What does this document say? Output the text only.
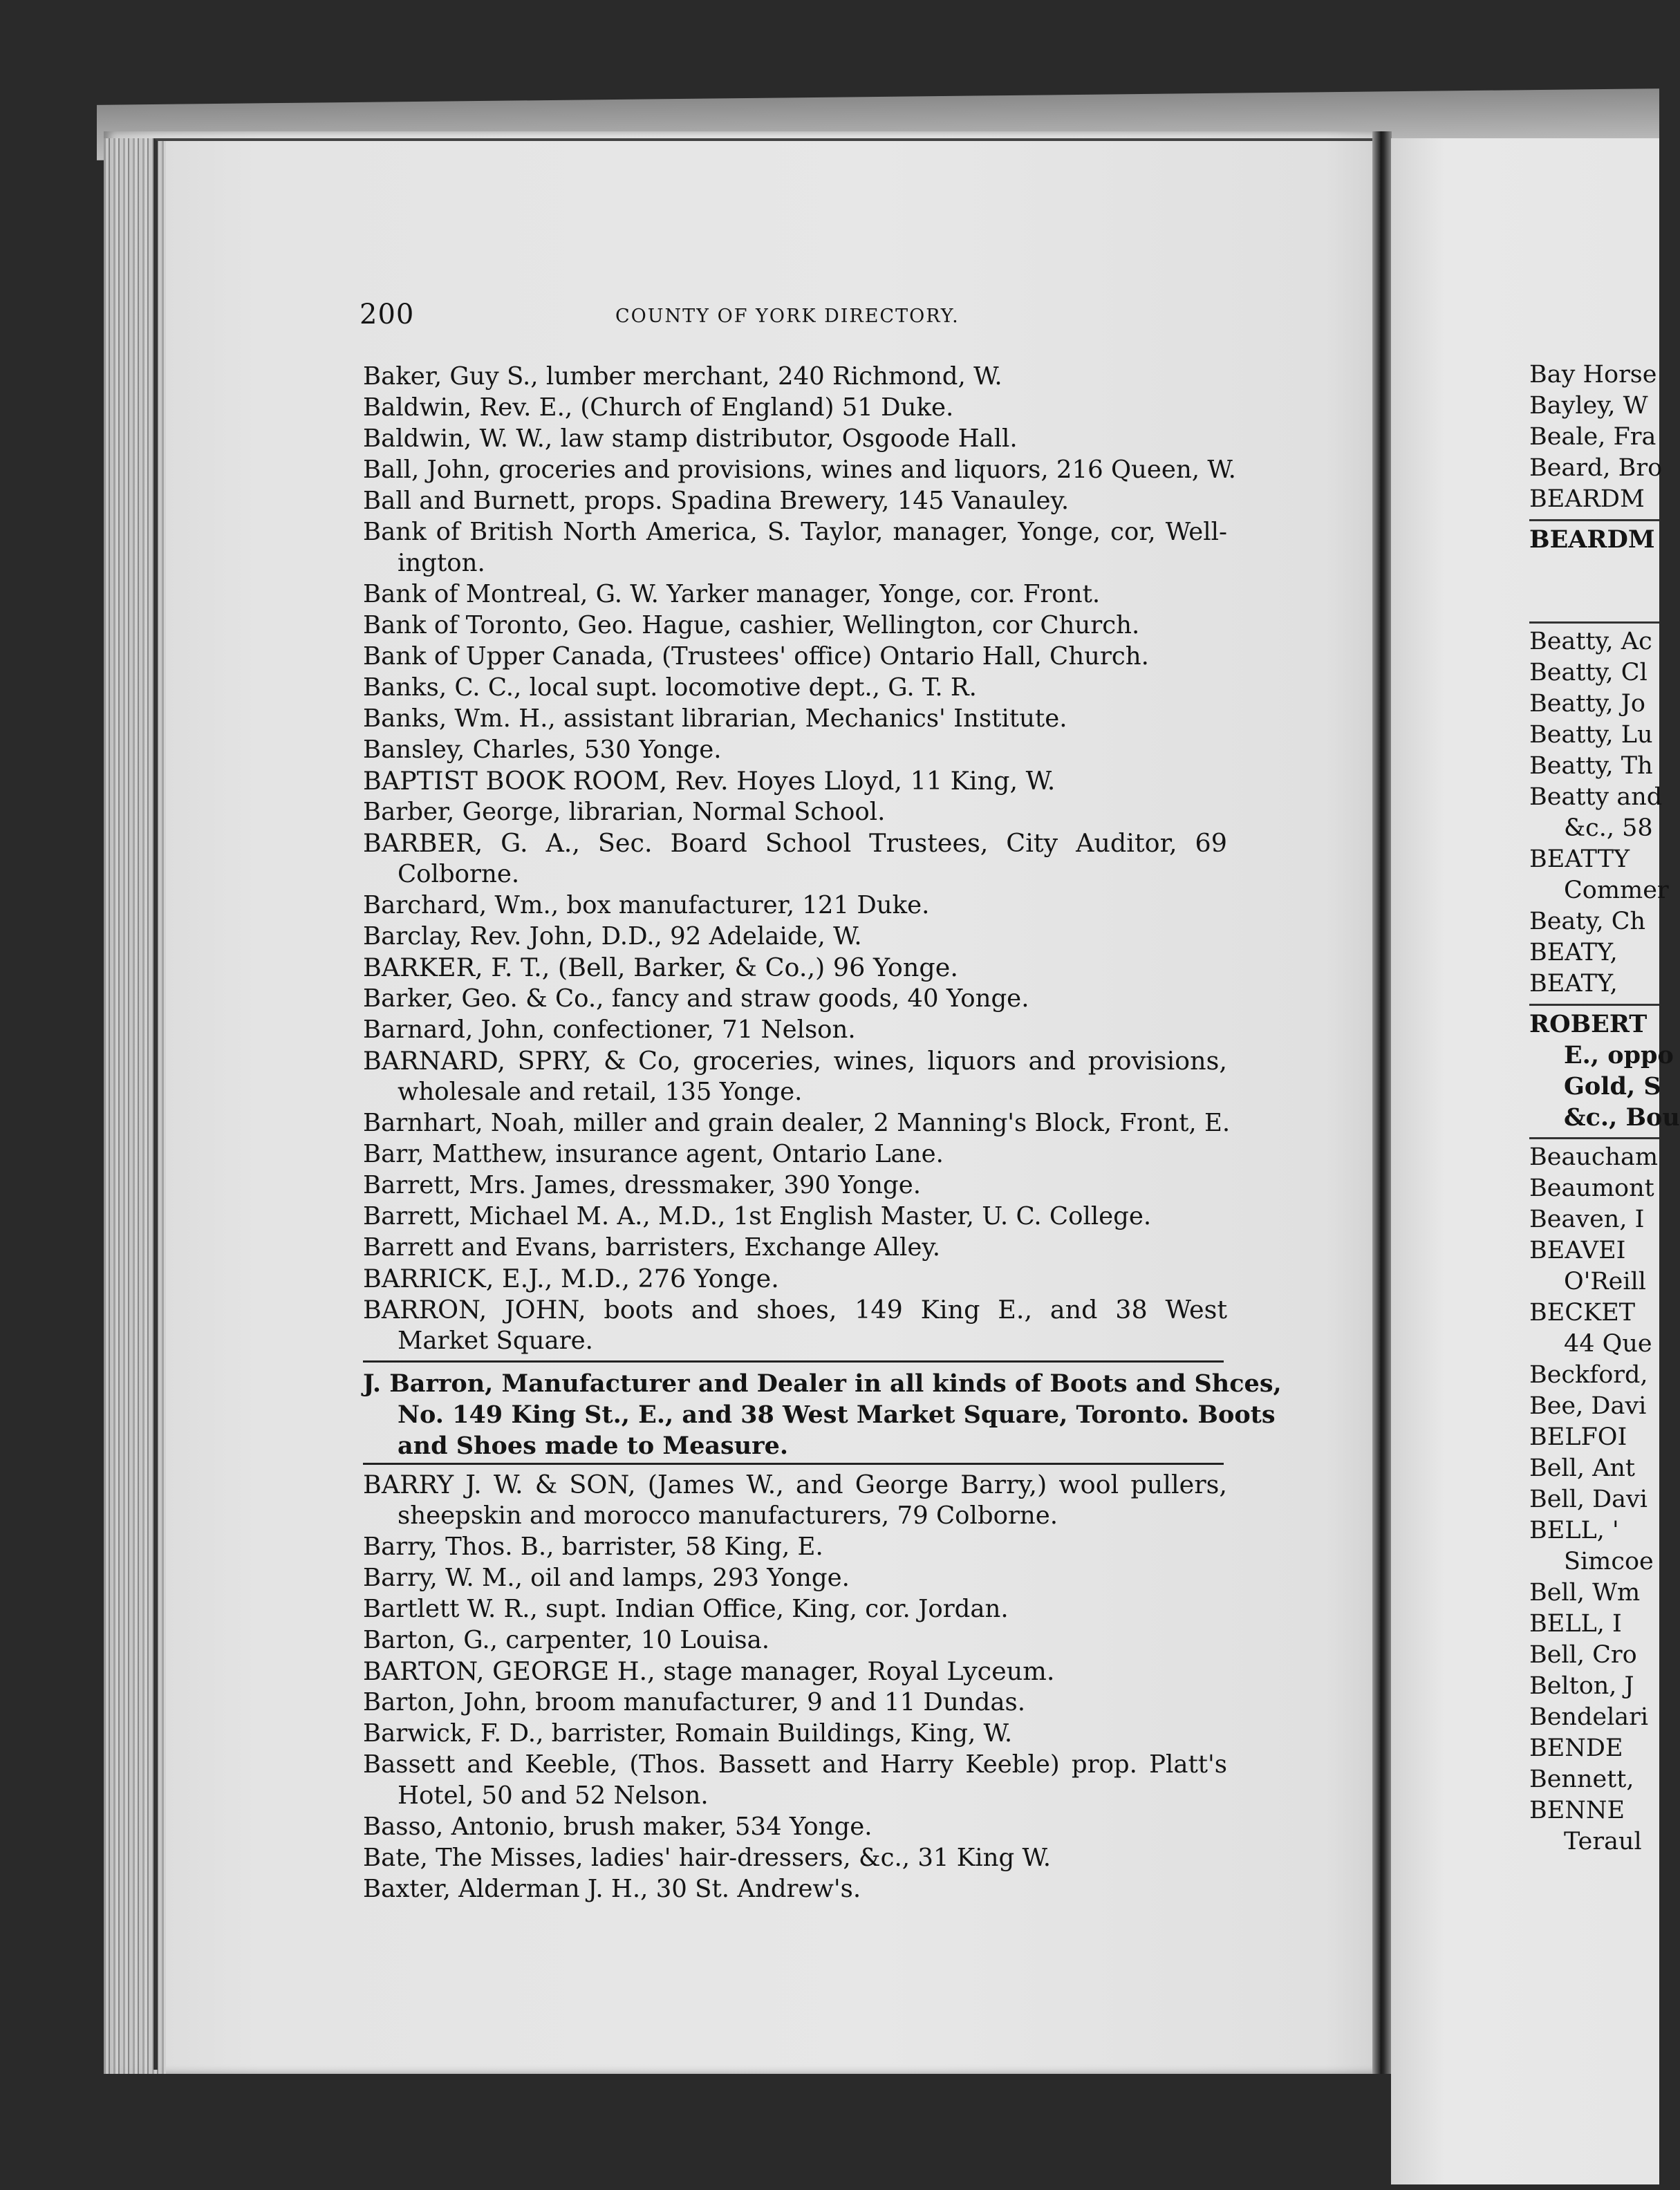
200	COUNTY OF YORK DIRECTORY.
Baker, Guy S., lumber merchant, 240 Richmond, W.
Baldwin, Rev. E., (Church of England) 51 Duke.
Baldwin, W. W., law stamp distributor, Osgoode Hall.
Ball, John, groceries and provisions, wines and liquors, 216 Queen, W.
Ball and Burnett, props. Spadina Brewery, 145 Vanauley.
Bank of British North America, S. Taylor, manager, Yonge, cor, Well-
ington.
Bank of Montreal, G. W. Yarker manager, Yonge, cor. Front.
Bank of Toronto, Geo. Hague, cashier, Wellington, cor Church.
Bank of Upper Canada, (Trustees' office) Ontario Hall, Church.
Banks, C. C., local supt. locomotive dept., G. T. R.
Banks, Wm. H., assistant librarian, Mechanics' Institute.
Bansley, Charles, 530 Yonge.
BAPTIST BOOK ROOM, Rev. Hoyes Lloyd, 11 King, W.
Barber, George, librarian, Normal School.
BARBER, G. A., Sec. Board School Trustees, City Auditor, 69
Colborne.
Barchard, Wm., box manufacturer, 121 Duke.
Barclay, Rev. John, D.D., 92 Adelaide, W.
BARKER, F. T., (Bell, Barker, & Co.,) 96 Yonge.
Barker, Geo. & Co., fancy and straw goods, 40 Yonge.
Barnard, John, confectioner, 71 Nelson.
BARNARD, SPRY, & Co, groceries, wines, liquors and provisions,
wholesale and retail, 135 Yonge.
Barnhart, Noah, miller and grain dealer, 2 Manning's Block, Front, E.
Barr, Matthew, insurance agent, Ontario Lane.
Barrett, Mrs. James, dressmaker, 390 Yonge.
Barrett, Michael M. A., M.D., 1st English Master, U. C. College.
Barrett and Evans, barristers, Exchange Alley.
BARRICK, E.J., M.D., 276 Yonge.
BARRON, JOHN, boots and shoes, 149 King E., and 38 West
Market Square.
J. Barron, Manufacturer and Dealer in all kinds of Boots and Shces,
No. 149 King St., E., and 38 West Market Square, Toronto. Boots
and Shoes made to Measure.
BARRY J. W. & SON, (James W., and George Barry,) wool pullers,
sheepskin and morocco manufacturers, 79 Colborne.
Barry, Thos. B., barrister, 58 King, E.
Barry, W. M., oil and lamps, 293 Yonge.
Bartlett W. R., supt. Indian Office, King, cor. Jordan.
Barton, G., carpenter, 10 Louisa.
BARTON, GEORGE H., stage manager, Royal Lyceum.
Barton, John, broom manufacturer, 9 and 11 Dundas.
Barwick, F. D., barrister, Romain Buildings, King, W.
Bassett and Keeble, (Thos. Bassett and Harry Keeble) prop. Platt's
Hotel, 50 and 52 Nelson.
Basso, Antonio, brush maker, 534 Yonge.
Bate, The Misses, ladies' hair-dressers, &c., 31 King W.
Baxter, Alderman J. H., 30 St. Andrew's.
Bay Horse
Bayley, W
Beale, Fra
Beard, Bro
BEARDM
BEARDM
Beatty, Ac
Beatty, Cl
Beatty, Jo
Beatty, Lu
Beatty, Th
Beatty and
&c., 58
BEATTY
Commer
Beaty, Ch
BEATY,
BEATY,
ROBERT
E., oppo
Gold, S
&c., Bou
Beaucham
Beaumont
Beaven, I
BEAVEI
O'Reill
BECKET
44 Que
Beckford,
Bee, Davi
BELFOI
Bell, Ant
Bell, Davi
BELL, '
Simcoe
Bell, Wm
BELL, I
Bell, Cro
Belton, J
Bendelari
BENDE
Bennett,
BENNE
Teraul
